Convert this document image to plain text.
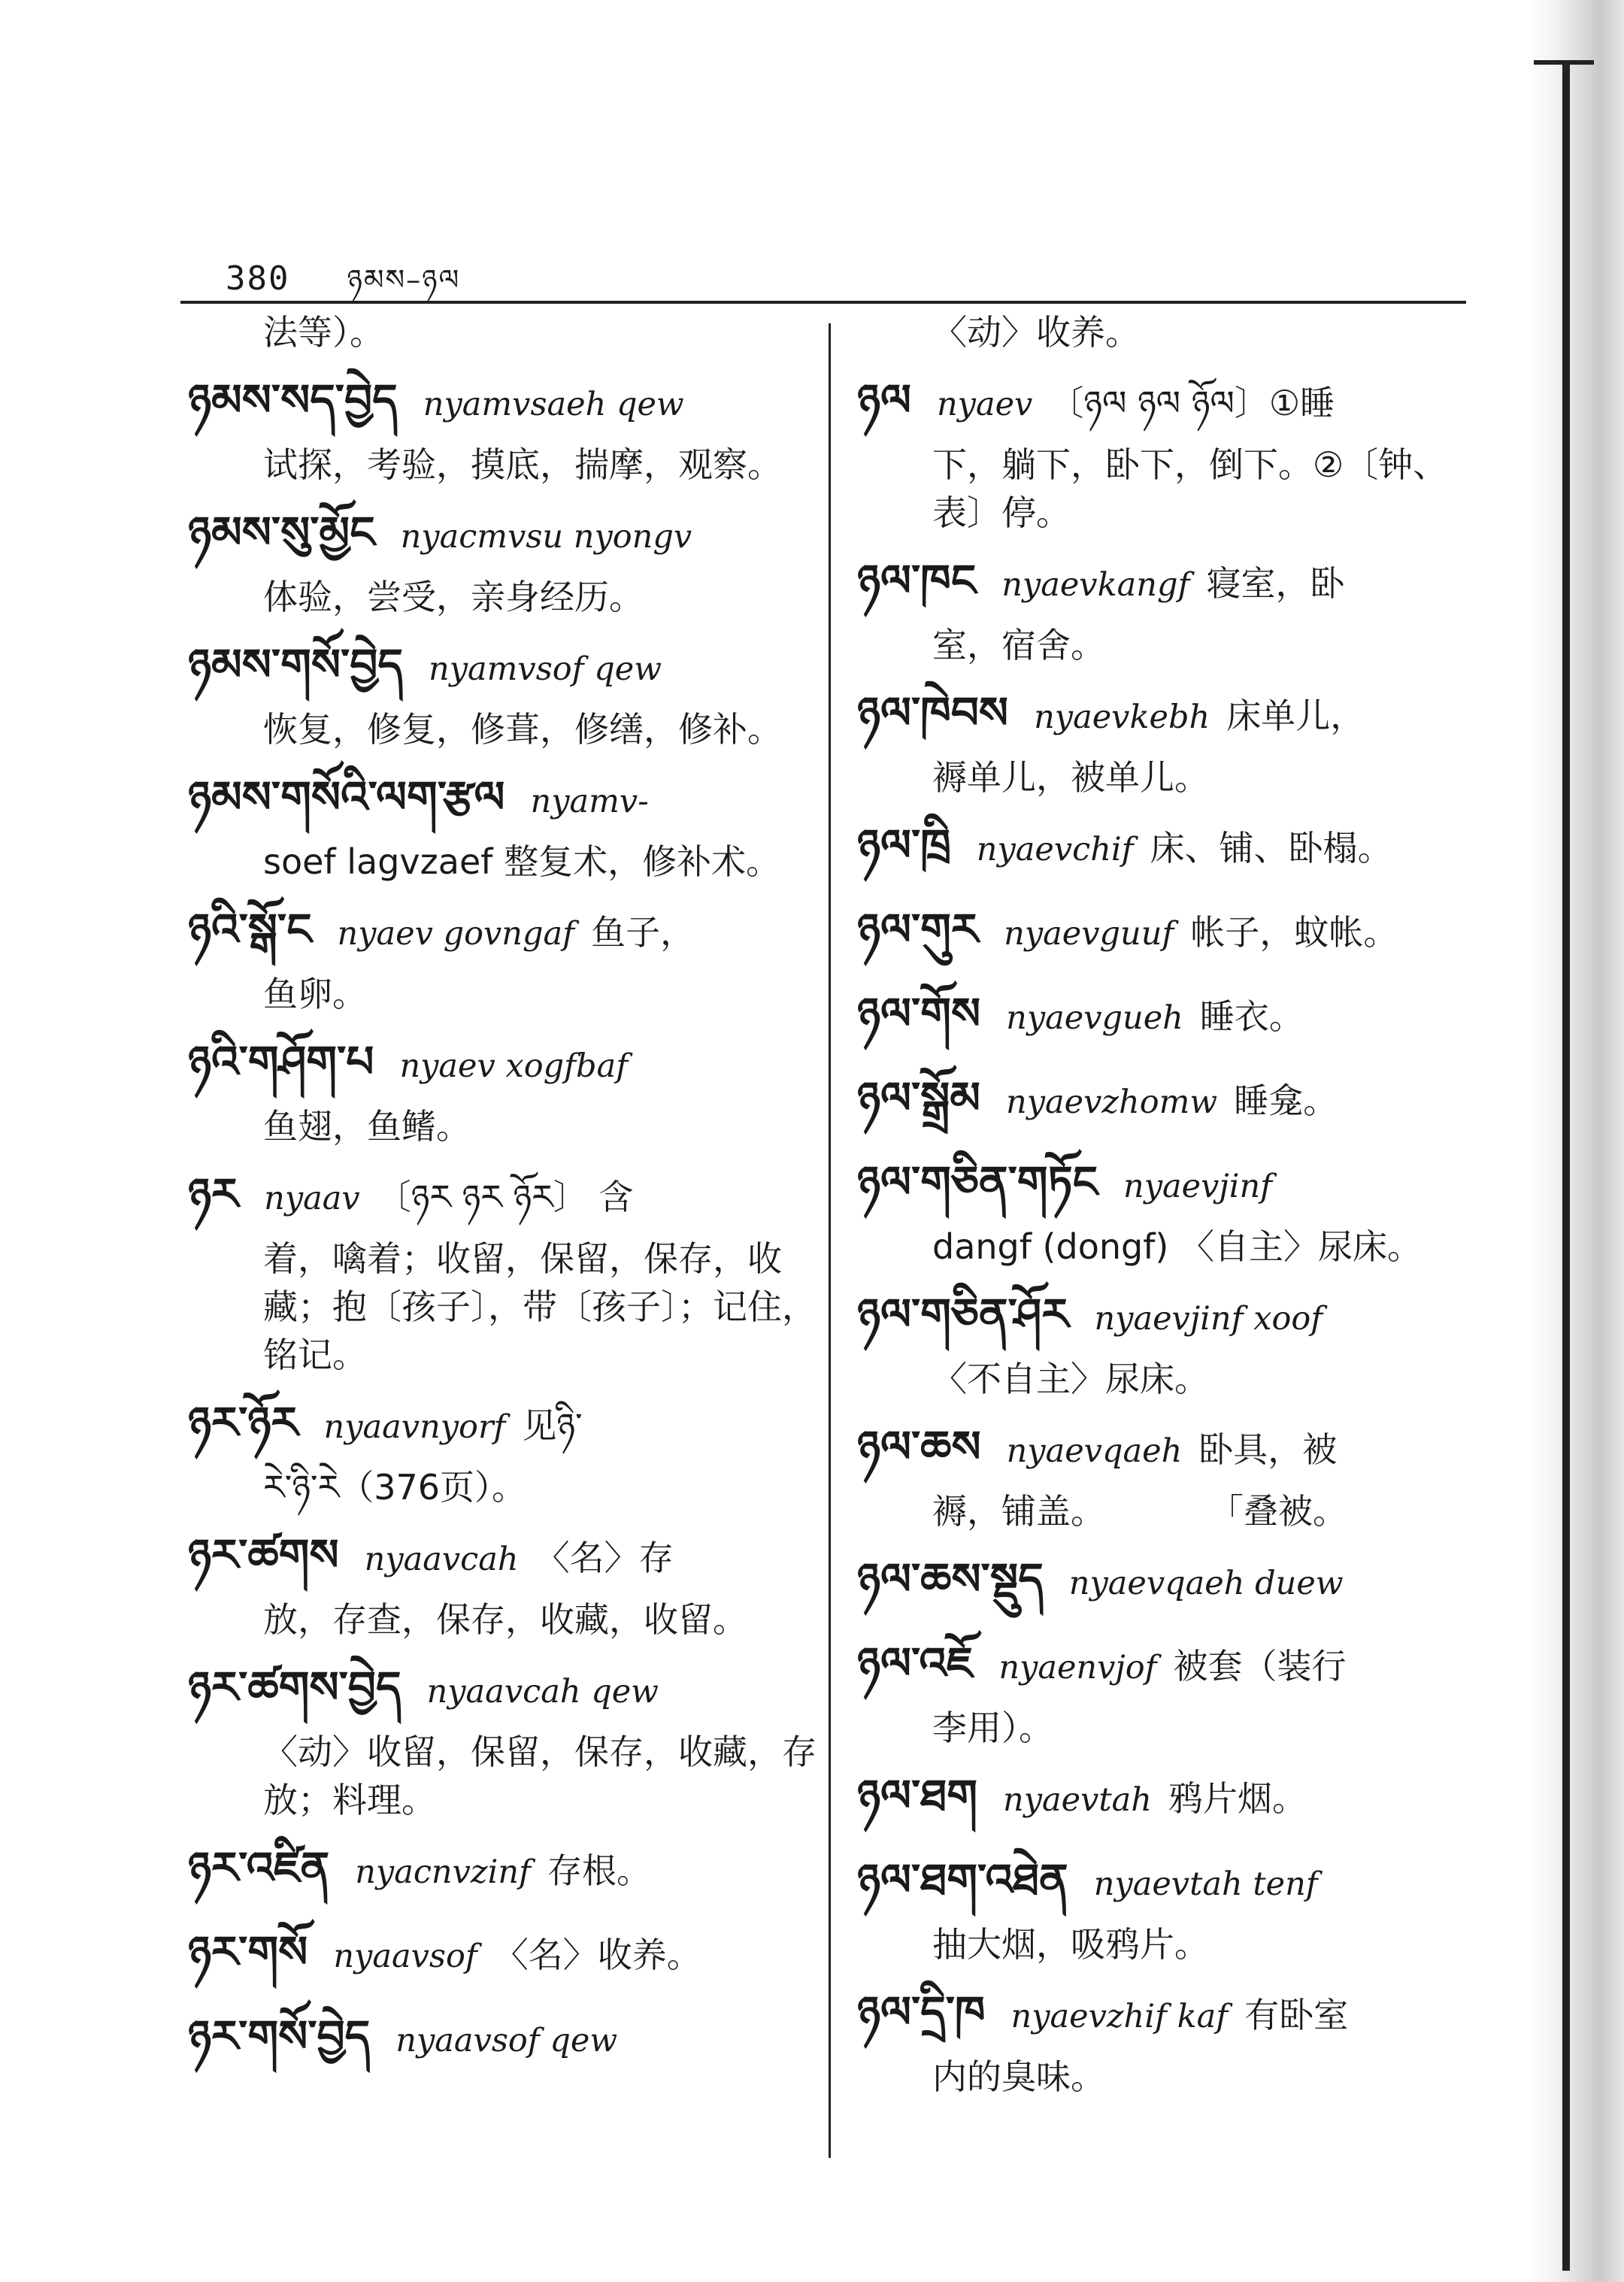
380 ཉམས–ཉལ
法等）。
ཉམས་སད་བྱེད nyamvsaeh qew
试探，考验，摸底，揣摩，观察。
ཉམས་སུ་མྱོང nyacmvsu nyongv
体验，尝受，亲身经历。
ཉམས་གསོ་བྱེད nyamvsof qew
恢复，修复，修葺，修缮，修补。
ཉམས་གསོའི་ལག་རྩལ nyamv-
soef lagvzaef 整复术，修补术。
ཉའི་སྒོ་ང nyaev govngaf 鱼子，
鱼卵。
ཉའི་གཤོག་པ nyaev xogfbaf
鱼翅，鱼鳍。
ཉར nyaav 〔ཉར ཉར ཉོར〕 含
着，噙着；收留，保留，保存，收
藏；抱〔孩子〕，带〔孩子〕；记住，
铭记。
ཉར་ཉོར nyaavnyorf 见ཉི་
རེ་ཉི་རེ（376页）。
ཉར་ཚགས nyaavcah 〈名〉存
放，存查，保存，收藏，收留。
ཉར་ཚགས་བྱེད nyaavcah qew
〈动〉收留，保留，保存，收藏，存
放；料理。
ཉར་འཛིན nyacnvzinf 存根。
ཉར་གསོ nyaavsof 〈名〉收养。
ཉར་གསོ་བྱེད nyaavsof qew
〈动〉收养。
ཉལ nyaev 〔ཉལ ཉལ ཉོལ〕①睡
下，躺下，卧下，倒下。②〔钟、
表〕停。
ཉལ་ཁང nyaevkangf 寝室，卧
室，宿舍。
ཉལ་ཁེབས nyaevkebh 床单儿，
褥单儿，被单儿。
ཉལ་ཁྲི nyaevchif 床、铺、卧榻。
ཉལ་གུར nyaevguuf 帐子，蚊帐。
ཉལ་གོས nyaevgueh 睡衣。
ཉལ་སྒྲོམ nyaevzhomw 睡龛。
ཉལ་གཅིན་གཏོང nyaevjinf
dangf (dongf) 〈自主〉尿床。
ཉལ་གཅིན་ཤོར nyaevjinf xoof
〈不自主〉尿床。
ཉལ་ཆས nyaevqaeh 卧具，被
褥，铺盖。　　　　「叠被。
ཉལ་ཆས་སྡུད nyaevqaeh duew
ཉལ་འཇོ nyaenvjof 被套（装行
李用）。
ཉལ་ཐག nyaevtah 鸦片烟。
ཉལ་ཐག་འཐེན nyaevtah tenf
抽大烟，吸鸦片。
ཉལ་དྲི་ཁ nyaevzhif kaf 有卧室
内的臭味。
